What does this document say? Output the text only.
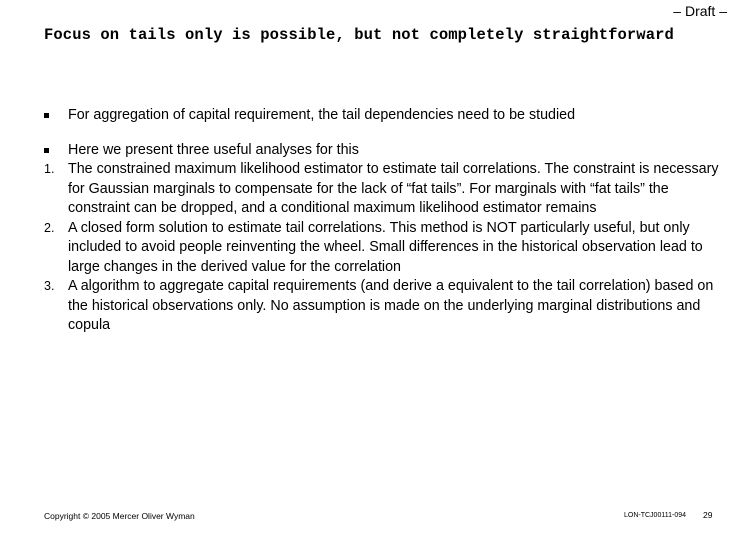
– Draft –
Focus on tails only is possible, but not completely straightforward
For aggregation of capital requirement, the tail dependencies need to be studied
Here we present three useful analyses for this
1. The constrained maximum likelihood estimator to estimate tail correlations. The constraint is necessary for Gaussian marginals to compensate for the lack of “fat tails”. For marginals with “fat tails” the constraint can be dropped, and a conditional maximum likelihood estimator remains
2. A closed form solution to estimate tail correlations. This method is NOT particularly useful, but only included to avoid people reinventing the wheel. Small differences in the historical observation lead to large changes in the derived value for the correlation
3. A algorithm to aggregate capital requirements (and derive a equivalent to the tail correlation) based on the historical observations only. No assumption is made on the underlying marginal distributions and copula
Copyright © 2005 Mercer Oliver Wyman	LON-TCJ00111-094 29
